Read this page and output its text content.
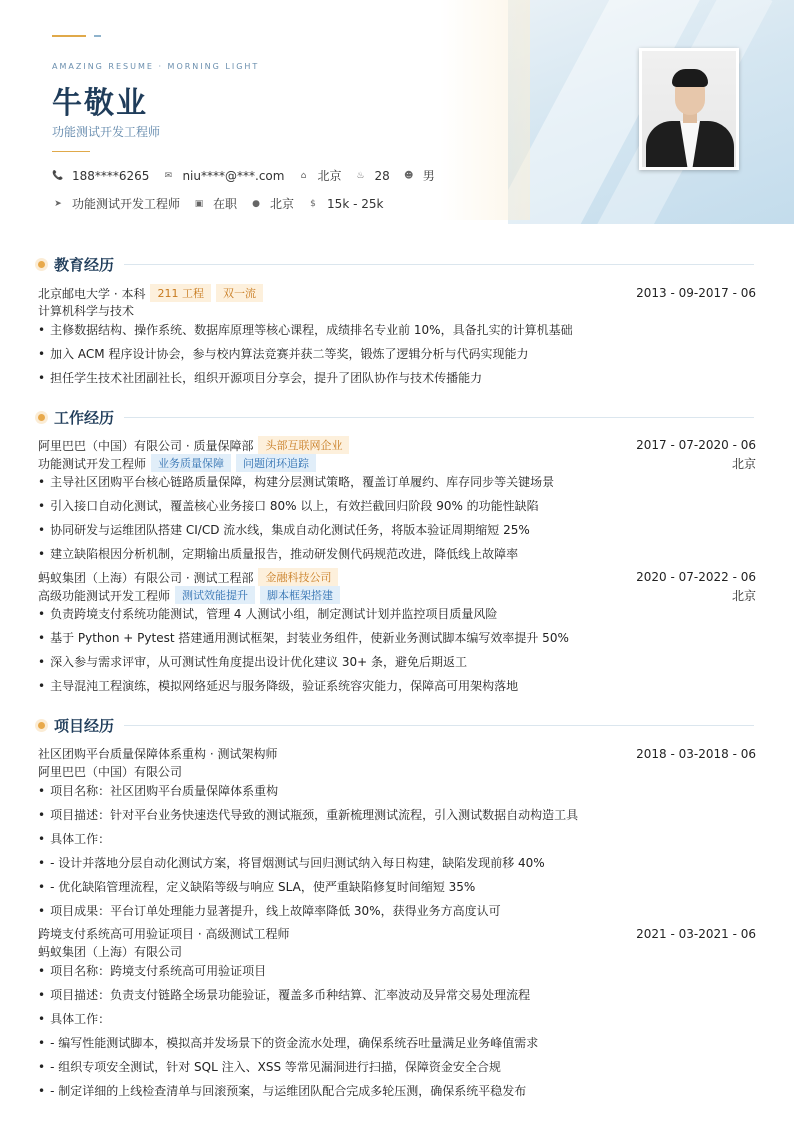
AMAZING RESUME · MORNING LIGHT
牛敬业
功能测试开发工程师
📞 188****6265 ✉ niu****@***.com	⌂ 北京 ♨ 28 ☻ 男
➤ 功能测试开发工程师 ▣ 在职 ● 北京	$ 15k - 25k
教育经历
北京邮电大学 · 本科	211 工程	双一流	2013 - 09-2017 - 06
计算机科学与技术
• 主修数据结构、操作系统、数据库原理等核心课程，成绩排名专业前 10%，具备扎实的计算机基础
• 加入 ACM 程序设计协会，参与校内算法竞赛并获二等奖，锻炼了逻辑分析与代码实现能力
• 担任学生技术社团副社长，组织开源项目分享会，提升了团队协作与技术传播能力
工作经历
阿里巴巴（中国）有限公司 · 质量保障部	头部互联网企业	2017 - 07-2020 - 06
功能测试开发工程师	业务质量保障	问题闭环追踪	北京
• 主导社区团购平台核心链路质量保障，构建分层测试策略，覆盖订单履约、库存同步等关键场景
• 引入接口自动化测试，覆盖核心业务接口 80% 以上，有效拦截回归阶段 90% 的功能性缺陷
• 协同研发与运维团队搭建 CI/CD 流水线，集成自动化测试任务，将版本验证周期缩短 25%
• 建立缺陷根因分析机制，定期输出质量报告，推动研发侧代码规范改进，降低线上故障率
蚂蚁集团（上海）有限公司 · 测试工程部	金融科技公司	2020 - 07-2022 - 06
高级功能测试开发工程师	测试效能提升	脚本框架搭建	北京
• 负责跨境支付系统功能测试，管理 4 人测试小组，制定测试计划并监控项目质量风险
• 基于 Python + Pytest 搭建通用测试框架，封装业务组件，使新业务测试脚本编写效率提升 50%
• 深入参与需求评审，从可测试性角度提出设计优化建议 30+ 条，避免后期返工
• 主导混沌工程演练，模拟网络延迟与服务降级，验证系统容灾能力，保障高可用架构落地
项目经历
社区团购平台质量保障体系重构 · 测试架构师	2018 - 03-2018 - 06
阿里巴巴（中国）有限公司
• 项目名称：社区团购平台质量保障体系重构
• 项目描述：针对平台业务快速迭代导致的测试瓶颈，重新梳理测试流程，引入测试数据自动构造工具
• 具体工作：
• - 设计并落地分层自动化测试方案，将冒烟测试与回归测试纳入每日构建，缺陷发现前移 40%
• - 优化缺陷管理流程，定义缺陷等级与响应 SLA，使严重缺陷修复时间缩短 35%
• 项目成果：平台订单处理能力显著提升，线上故障率降低 30%，获得业务方高度认可
跨境支付系统高可用验证项目 · 高级测试工程师	2021 - 03-2021 - 06
蚂蚁集团（上海）有限公司
• 项目名称：跨境支付系统高可用验证项目
• 项目描述：负责支付链路全场景功能验证，覆盖多币种结算、汇率波动及异常交易处理流程
• 具体工作：
• - 编写性能测试脚本，模拟高并发场景下的资金流水处理，确保系统吞吐量满足业务峰值需求
• - 组织专项安全测试，针对 SQL 注入、XSS 等常见漏洞进行扫描，保障资金安全合规
• - 制定详细的上线检查清单与回滚预案，与运维团队配合完成多轮压测，确保系统平稳发布
